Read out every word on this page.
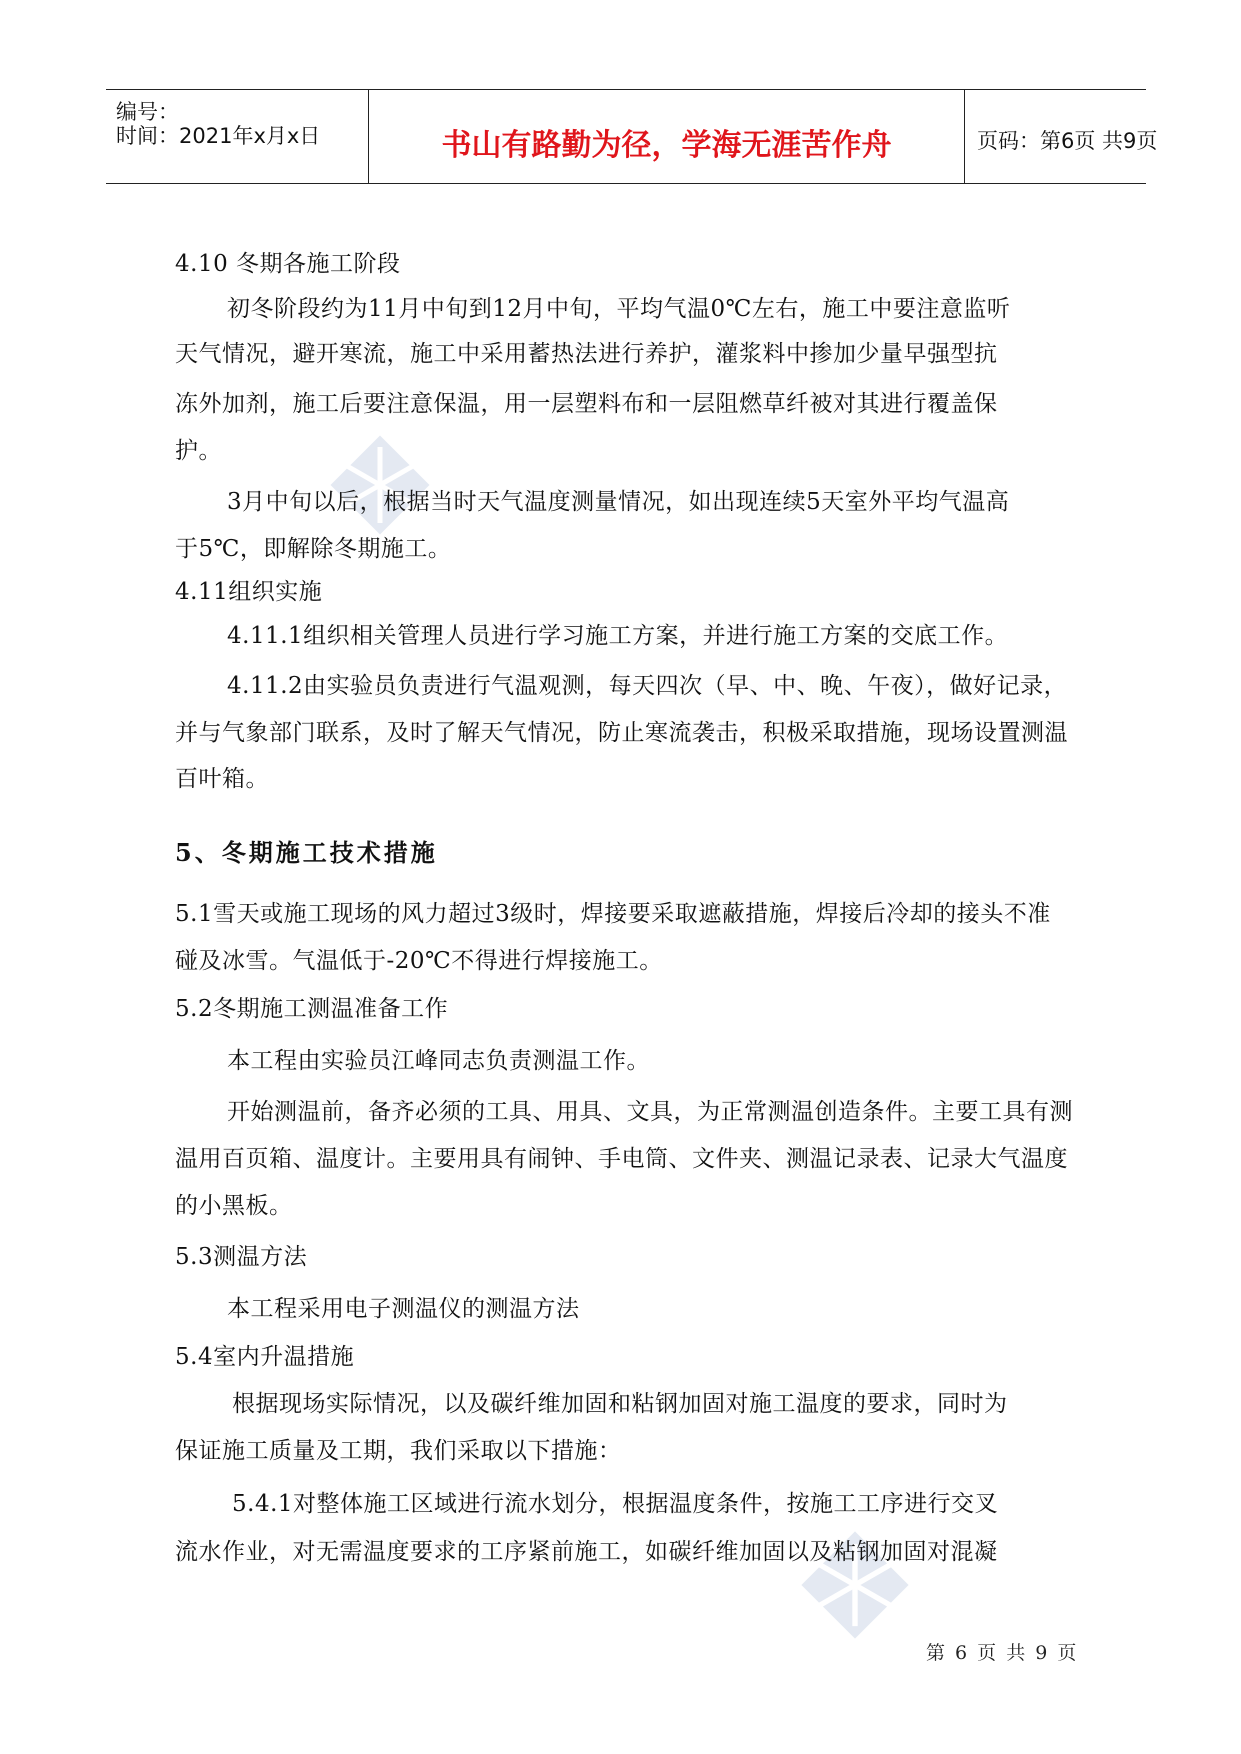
编号：
时间：2021年x月x日	书山有路勤为径，学海无涯苦作舟	页码：第6页 共9页
4.10 冬期各施工阶段
初冬阶段约为11月中旬到12月中旬，平均气温0℃左右，施工中要注意监听
天气情况，避开寒流，施工中采用蓄热法进行养护，灌浆料中掺加少量早强型抗
冻外加剂，施工后要注意保温，用一层塑料布和一层阻燃草纤被对其进行覆盖保
护。
3月中旬以后，根据当时天气温度测量情况，如出现连续5天室外平均气温高
于5℃，即解除冬期施工。
4.11组织实施
4.11.1组织相关管理人员进行学习施工方案，并进行施工方案的交底工作。
4.11.2由实验员负责进行气温观测，每天四次（早、中、晚、午夜），做好记录，
并与气象部门联系，及时了解天气情况，防止寒流袭击，积极采取措施，现场设置测温
百叶箱。
5、冬期施工技术措施
5.1雪天或施工现场的风力超过3级时，焊接要采取遮蔽措施，焊接后冷却的接头不准
碰及冰雪。气温低于-20℃不得进行焊接施工。
5.2冬期施工测温准备工作
本工程由实验员江峰同志负责测温工作。
开始测温前，备齐必须的工具、用具、文具，为正常测温创造条件。主要工具有测
温用百页箱、温度计。主要用具有闹钟、手电筒、文件夹、测温记录表、记录大气温度
的小黑板。
5.3测温方法
本工程采用电子测温仪的测温方法
5.4室内升温措施
根据现场实际情况，以及碳纤维加固和粘钢加固对施工温度的要求，同时为
保证施工质量及工期，我们采取以下措施：
5.4.1对整体施工区域进行流水划分，根据温度条件，按施工工序进行交叉
流水作业，对无需温度要求的工序紧前施工，如碳纤维加固以及粘钢加固对混凝
第 6 页 共 9 页
